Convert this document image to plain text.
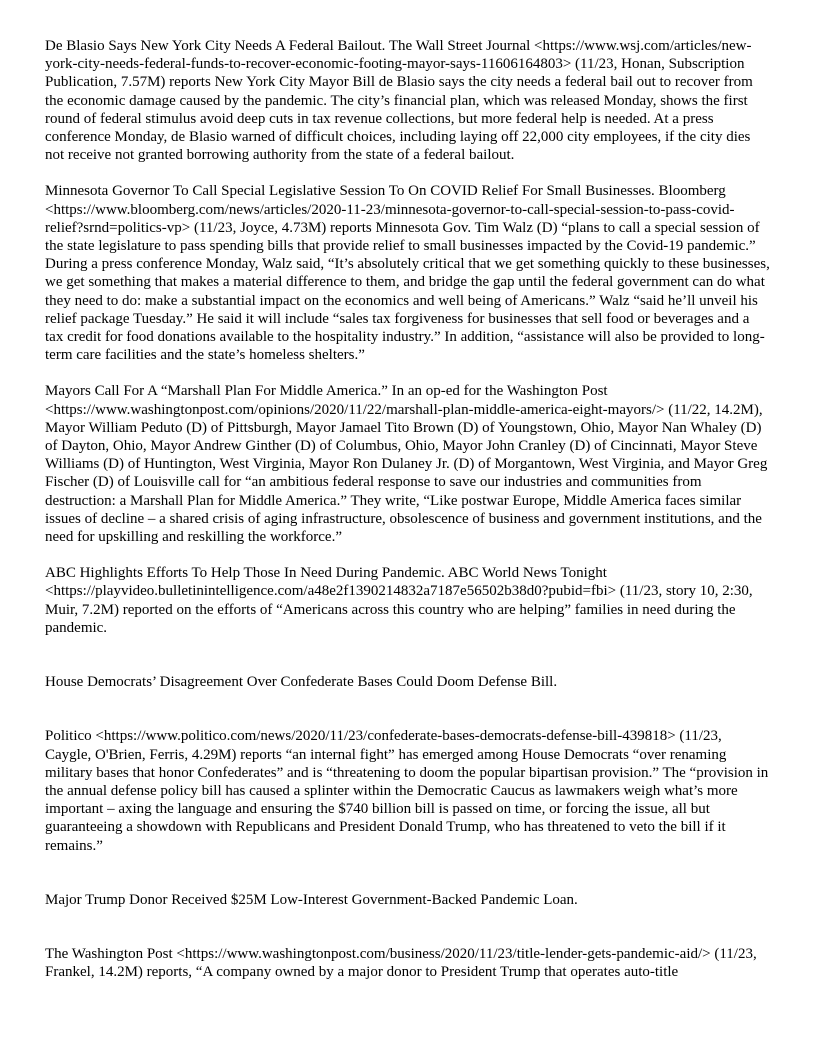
De Blasio Says New York City Needs A Federal Bailout. The Wall Street Journal <https://www.wsj.com/articles/new-york-city-needs-federal-funds-to-recover-economic-footing-mayor-says-11606164803> (11/23, Honan, Subscription Publication, 7.57M) reports New York City Mayor Bill de Blasio says the city needs a federal bail out to recover from the economic damage caused by the pandemic. The city’s financial plan, which was released Monday, shows the first round of federal stimulus avoid deep cuts in tax revenue collections, but more federal help is needed. At a press conference Monday, de Blasio warned of difficult choices, including laying off 22,000 city employees, if the city dies not receive not granted borrowing authority from the state of a federal bailout.

Minnesota Governor To Call Special Legislative Session To On COVID Relief For Small Businesses. Bloomberg <https://www.bloomberg.com/news/articles/2020-11-23/minnesota-governor-to-call-special-session-to-pass-covid-relief?srnd=politics-vp> (11/23, Joyce, 4.73M) reports Minnesota Gov. Tim Walz (D) “plans to call a special session of the state legislature to pass spending bills that provide relief to small businesses impacted by the Covid-19 pandemic.” During a press conference Monday, Walz said, “It’s absolutely critical that we get something quickly to these businesses, we get something that makes a material difference to them, and bridge the gap until the federal government can do what they need to do: make a substantial impact on the economics and well being of Americans.” Walz “said he’ll unveil his relief package Tuesday.” He said it will include “sales tax forgiveness for businesses that sell food or beverages and a tax credit for food donations available to the hospitality industry.” In addition, “assistance will also be provided to long-term care facilities and the state’s homeless shelters.”

Mayors Call For A “Marshall Plan For Middle America.” In an op-ed for the Washington Post <https://www.washingtonpost.com/opinions/2020/11/22/marshall-plan-middle-america-eight-mayors/> (11/22, 14.2M), Mayor William Peduto (D) of Pittsburgh, Mayor Jamael Tito Brown (D) of Youngstown, Ohio, Mayor Nan Whaley (D) of Dayton, Ohio, Mayor Andrew Ginther (D) of Columbus, Ohio, Mayor John Cranley (D) of Cincinnati, Mayor Steve Williams (D) of Huntington, West Virginia, Mayor Ron Dulaney Jr. (D) of Morgantown, West Virginia, and Mayor Greg Fischer (D) of Louisville call for “an ambitious federal response to save our industries and communities from destruction: a Marshall Plan for Middle America.” They write, “Like postwar Europe, Middle America faces similar issues of decline – a shared crisis of aging infrastructure, obsolescence of business and government institutions, and the need for upskilling and reskilling the workforce.”

ABC Highlights Efforts To Help Those In Need During Pandemic. ABC World News Tonight <https://playvideo.bulletinintelligence.com/a48e2f1390214832a7187e56502b38d0?pubid=fbi> (11/23, story 10, 2:30, Muir, 7.2M) reported on the efforts of “Americans across this country who are helping” families in need during the pandemic.

House Democrats’ Disagreement Over Confederate Bases Could Doom Defense Bill.

Politico <https://www.politico.com/news/2020/11/23/confederate-bases-democrats-defense-bill-439818> (11/23, Caygle, O'Brien, Ferris, 4.29M) reports “an internal fight” has emerged among House Democrats “over renaming military bases that honor Confederates” and is “threatening to doom the popular bipartisan provision.” The “provision in the annual defense policy bill has caused a splinter within the Democratic Caucus as lawmakers weigh what’s more important – axing the language and ensuring the $740 billion bill is passed on time, or forcing the issue, all but guaranteeing a showdown with Republicans and President Donald Trump, who has threatened to veto the bill if it remains.”

Major Trump Donor Received $25M Low-Interest Government-Backed Pandemic Loan.

The Washington Post <https://www.washingtonpost.com/business/2020/11/23/title-lender-gets-pandemic-aid/> (11/23, Frankel, 14.2M) reports, “A company owned by a major donor to President Trump that operates auto-title
